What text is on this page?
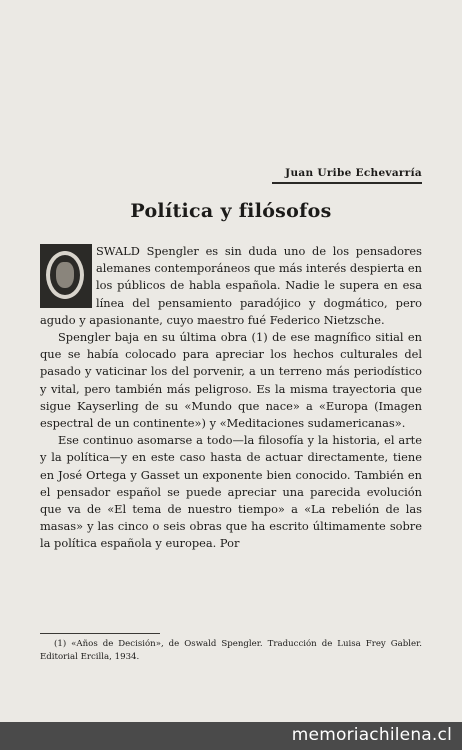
Juan Uribe Echevarría
Política y filósofos

SWALD Spengler es sin duda uno de los pensadores alemanes contemporáneos que más interés despierta en los públicos de habla española. Nadie le supera en esa línea del pensamiento paradójico y dogmático, pero agudo y apasionante, cuyo maestro fué Federico Nietzsche.

Spengler baja en su última obra (1) de ese magnífico sitial en que se había colocado para apreciar los hechos culturales del pasado y vaticinar los del porvenir, a un terreno más periodístico y vital, pero también más peligroso. Es la misma trayectoria que sigue Kayserling de su «Mundo que nace» a «Europa (Imagen espectral de un continente») y «Meditaciones sudamericanas».

Ese continuo asomarse a todo—la filosofía y la historia, el arte y la política—y en este caso hasta de actuar directamente, tiene en José Ortega y Gasset un exponente bien conocido. También en el pensador español se puede apreciar una parecida evolución que va de «El tema de nuestro tiempo» a «La rebelión de las masas» y las cinco o seis obras que ha escrito últimamente sobre la política española y europea. Por

(1) «Años de Decisión», de Oswald Spengler. Traducción de Luisa Frey Gabler. Editorial Ercilla, 1934.

memoriachilena.cl
